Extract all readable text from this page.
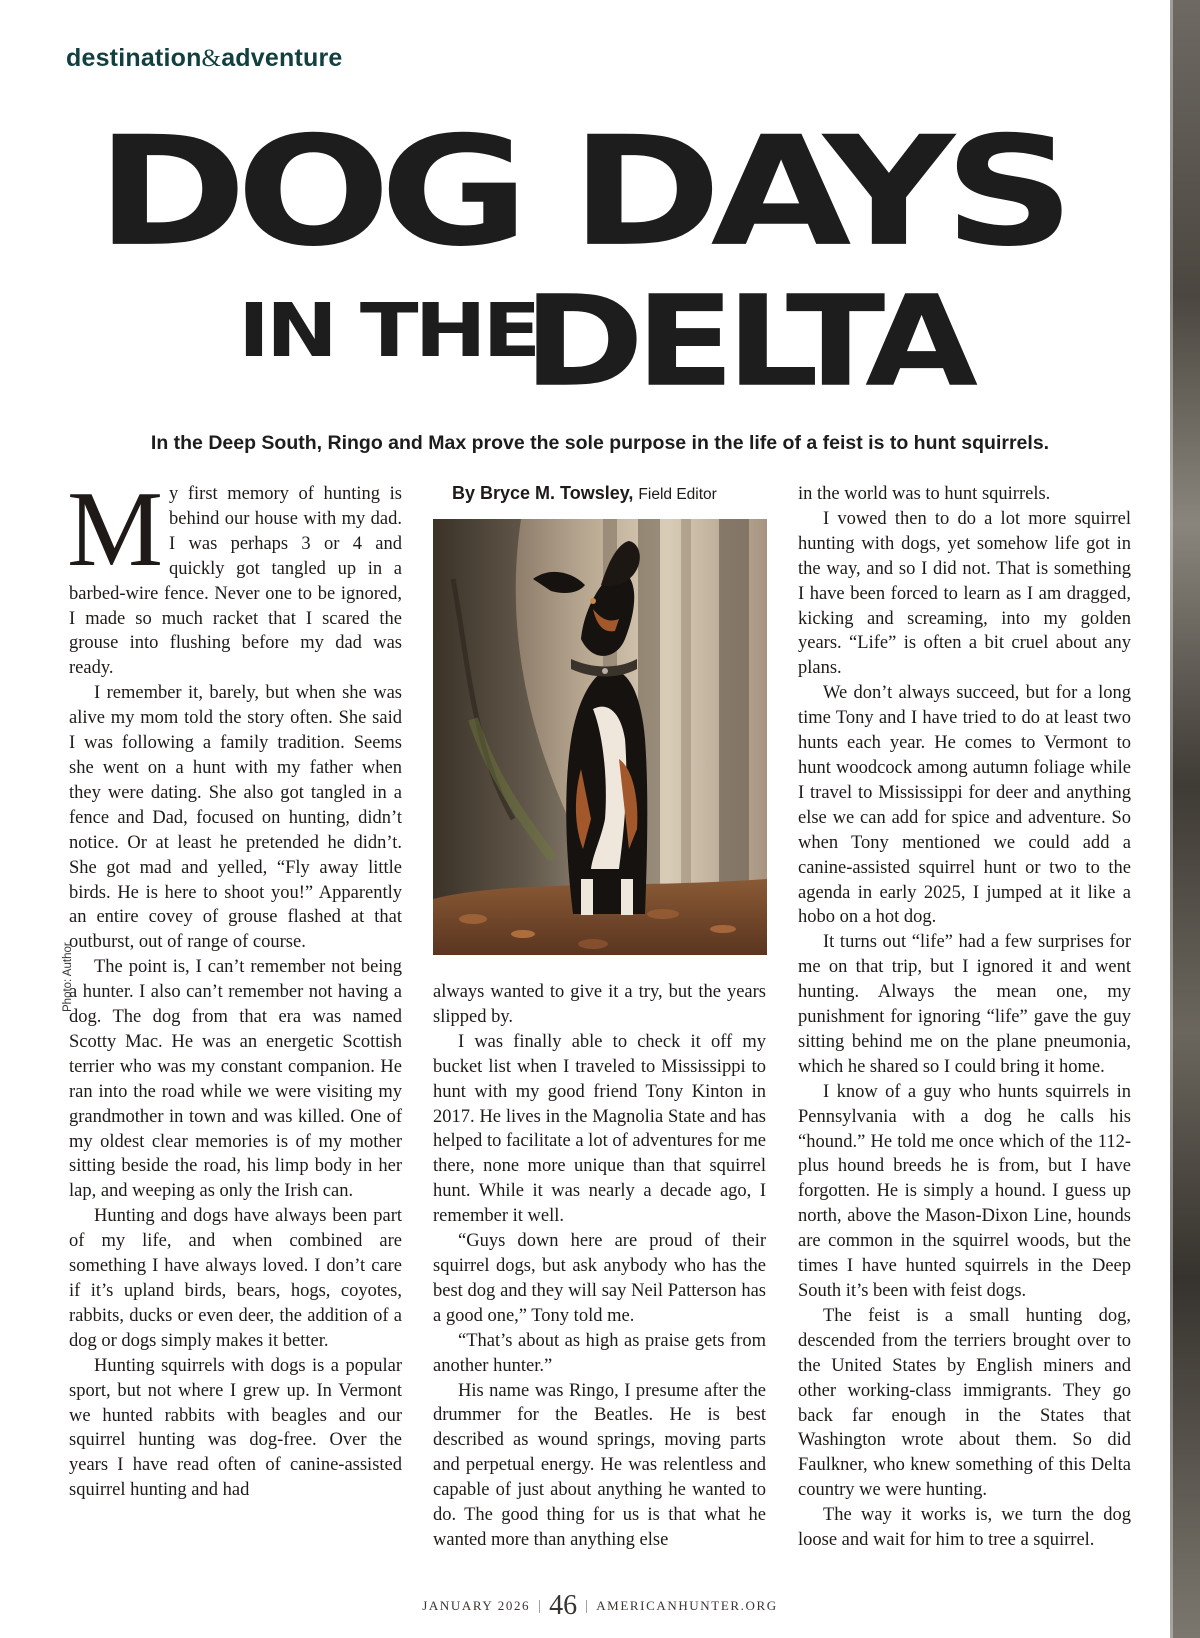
destination&adventure
DOG DAYS
IN THE
DELTA
In the Deep South, Ringo and Max prove the sole purpose in the life of a feist is to hunt squirrels.

My first memory of hunting is behind our house with my dad. I was perhaps 3 or 4 and quickly got tangled up in a barbed-wire fence. Never one to be ignored, I made so much racket that I scared the grouse into flushing before my dad was ready.

I remember it, barely, but when she was alive my mom told the story often. She said I was following a family tradition. Seems she went on a hunt with my father when they were dating. She also got tangled in a fence and Dad, focused on hunting, didn’t notice. Or at least he pretended he didn’t. She got mad and yelled, “Fly away little birds. He is here to shoot you!” Apparently an entire covey of grouse flashed at that outburst, out of range of course.

The point is, I can’t remember not being a hunter. I also can’t remember not having a dog. The dog from that era was named Scotty Mac. He was an energetic Scottish terrier who was my constant companion. He ran into the road while we were visiting my grandmother in town and was killed. One of my oldest clear memories is of my mother sitting beside the road, his limp body in her lap, and weeping as only the Irish can.

Hunting and dogs have always been part of my life, and when combined are something I have always loved. I don’t care if it’s upland birds, bears, hogs, coyotes, rabbits, ducks or even deer, the addition of a dog or dogs simply makes it better.

Hunting squirrels with dogs is a popular sport, but not where I grew up. In Vermont we hunted rabbits with beagles and our squirrel hunting was dog-free. Over the years I have read often of canine-assisted squirrel hunting and had

By Bryce M. Towsley, Field Editor
Photo: Author	always wanted to give it a try, but the years slipped by.

I was finally able to check it off my bucket list when I traveled to Mississippi to hunt with my good friend Tony Kinton in 2017. He lives in the Magnolia State and has helped to facilitate a lot of adventures for me there, none more unique than that squirrel hunt. While it was nearly a decade ago, I remember it well.

“Guys down here are proud of their squirrel dogs, but ask anybody who has the best dog and they will say Neil Patterson has a good one,” Tony told me.

“That’s about as high as praise gets from another hunter.”

His name was Ringo, I presume after the drummer for the Beatles. He is best described as wound springs, moving parts and perpetual energy. He was relentless and capable of just about anything he wanted to do. The good thing for us is that what he wanted more than anything else

in the world was to hunt squirrels.

I vowed then to do a lot more squirrel hunting with dogs, yet somehow life got in the way, and so I did not. That is something I have been forced to learn as I am dragged, kicking and screaming, into my golden years. “Life” is often a bit cruel about any plans.

We don’t always succeed, but for a long time Tony and I have tried to do at least two hunts each year. He comes to Vermont to hunt woodcock among autumn foliage while I travel to Mississippi for deer and anything else we can add for spice and adventure. So when Tony mentioned we could add a canine-assisted squirrel hunt or two to the agenda in early 2025, I jumped at it like a hobo on a hot dog.

It turns out “life” had a few surprises for me on that trip, but I ignored it and went hunting. Always the mean one, my punishment for ignoring “life” gave the guy sitting behind me on the plane pneumonia, which he shared so I could bring it home.

I know of a guy who hunts squirrels in Pennsylvania with a dog he calls his “hound.” He told me once which of the 112-plus hound breeds he is from, but I have forgotten. He is simply a hound. I guess up north, above the Mason-Dixon Line, hounds are common in the squirrel woods, but the times I have hunted squirrels in the Deep South it’s been with feist dogs.

The feist is a small hunting dog, descended from the terriers brought over to the United States by English miners and other working-class immigrants. They go back far enough in the States that Washington wrote about them. So did Faulkner, who knew something of this Delta country we were hunting.

The way it works is, we turn the dog loose and wait for him to tree a squirrel.

JANUARY 2026 | 46 | AMERICANHUNTER.ORG
